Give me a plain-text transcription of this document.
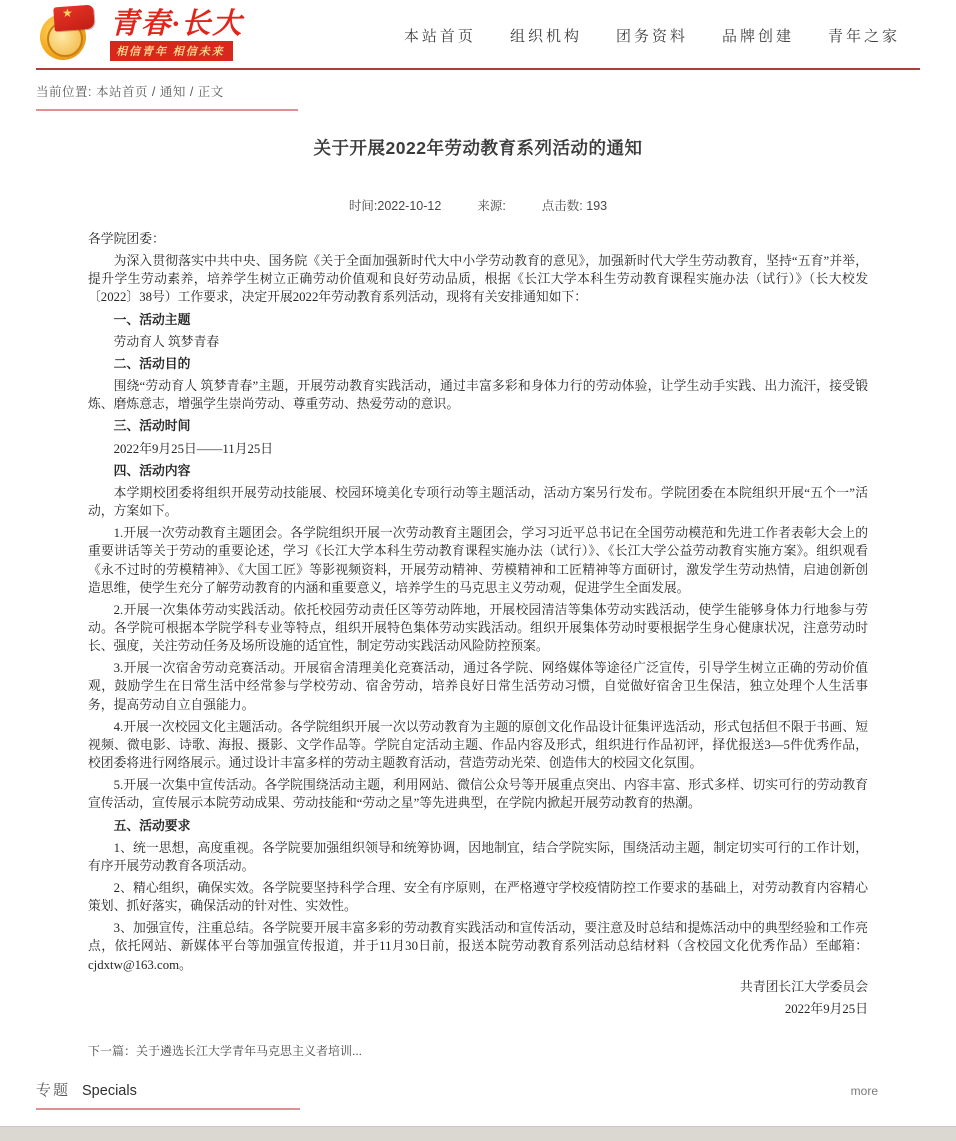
★ 青春·长大
相信青年 相信未来
本站首页 组织机构 团务资料 品牌创建 青年之家
当前位置: 本站首页 / 通知 / 正文
关于开展2022年劳动教育系列活动的通知
时间:2022-10-12	来源:	点击数: 193

各学院团委：

为深入贯彻落实中共中央、国务院《关于全面加强新时代大中小学劳动教育的意见》，加强新时代大学生劳动教育，坚持“五育”并举，提升学生劳动素养，培养学生树立正确劳动价值观和良好劳动品质，根据《长江大学本科生劳动教育课程实施办法（试行）》（长大校发〔2022〕38号）工作要求，决定开展2022年劳动教育系列活动，现将有关安排通知如下：

一、活动主题

劳动育人 筑梦青春

二、活动目的

围绕“劳动育人 筑梦青春”主题，开展劳动教育实践活动，通过丰富多彩和身体力行的劳动体验，让学生动手实践、出力流汗，接受锻炼、磨炼意志，增强学生崇尚劳动、尊重劳动、热爱劳动的意识。

三、活动时间

2022年9月25日——11月25日

四、活动内容

本学期校团委将组织开展劳动技能展、校园环境美化专项行动等主题活动，活动方案另行发布。学院团委在本院组织开展“五个一”活动，方案如下。

1.开展一次劳动教育主题团会。各学院组织开展一次劳动教育主题团会，学习习近平总书记在全国劳动模范和先进工作者表彰大会上的重要讲话等关于劳动的重要论述，学习《长江大学本科生劳动教育课程实施办法（试行）》、《长江大学公益劳动教育实施方案》。组织观看《永不过时的劳模精神》、《大国工匠》等影视频资料，开展劳动精神、劳模精神和工匠精神等方面研讨，激发学生劳动热情，启迪创新创造思维，使学生充分了解劳动教育的内涵和重要意义，培养学生的马克思主义劳动观，促进学生全面发展。

2.开展一次集体劳动实践活动。依托校园劳动责任区等劳动阵地，开展校园清洁等集体劳动实践活动，使学生能够身体力行地参与劳动。各学院可根据本学院学科专业等特点，组织开展特色集体劳动实践活动。组织开展集体劳动时要根据学生身心健康状况，注意劳动时长、强度，关注劳动任务及场所设施的适宜性，制定劳动实践活动风险防控预案。

3.开展一次宿舍劳动竞赛活动。开展宿舍清理美化竞赛活动，通过各学院、网络媒体等途径广泛宣传，引导学生树立正确的劳动价值观，鼓励学生在日常生活中经常参与学校劳动、宿舍劳动，培养良好日常生活劳动习惯，自觉做好宿舍卫生保洁，独立处理个人生活事务，提高劳动自立自强能力。

4.开展一次校园文化主题活动。各学院组织开展一次以劳动教育为主题的原创文化作品设计征集评选活动，形式包括但不限于书画、短视频、微电影、诗歌、海报、摄影、文学作品等。学院自定活动主题、作品内容及形式，组织进行作品初评，择优报送3—5件优秀作品，校团委将进行网络展示。通过设计丰富多样的劳动主题教育活动，营造劳动光荣、创造伟大的校园文化氛围。

5.开展一次集中宣传活动。各学院围绕活动主题，利用网站、微信公众号等开展重点突出、内容丰富、形式多样、切实可行的劳动教育宣传活动，宣传展示本院劳动成果、劳动技能和“劳动之星”等先进典型，在学院内掀起开展劳动教育的热潮。

五、活动要求

1、统一思想，高度重视。各学院要加强组织领导和统筹协调，因地制宜，结合学院实际，围绕活动主题，制定切实可行的工作计划，有序开展劳动教育各项活动。

2、精心组织，确保实效。各学院要坚持科学合理、安全有序原则，在严格遵守学校疫情防控工作要求的基础上，对劳动教育内容精心策划、抓好落实，确保活动的针对性、实效性。

3、加强宣传，注重总结。各学院要开展丰富多彩的劳动教育实践活动和宣传活动，要注意及时总结和提炼活动中的典型经验和工作亮点，依托网站、新媒体平台等加强宣传报道，并于11月30日前，报送本院劳动教育系列活动总结材料（含校园文化优秀作品）至邮箱：cjdxtw@163.com。

共青团长江大学委员会

2022年9月25日

下一篇：关于遴选长江大学青年马克思主义者培训...
专题 Specials	more
